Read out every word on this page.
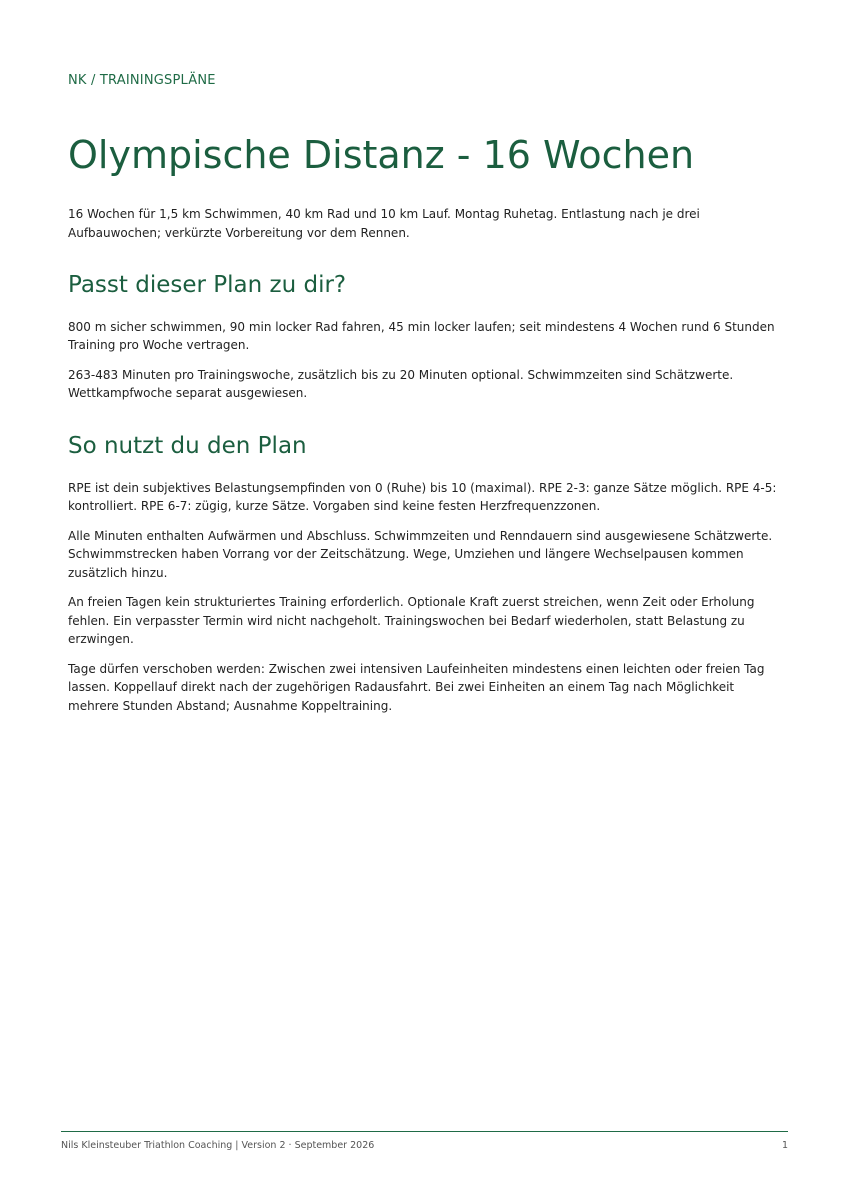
NK / TRAININGSPLÄNE
Olympische Distanz - 16 Wochen

16 Wochen für 1,5 km Schwimmen, 40 km Rad und 10 km Lauf. Montag Ruhetag. Entlastung nach je drei Aufbauwochen; verkürzte Vorbereitung vor dem Rennen.

Passt dieser Plan zu dir?

800 m sicher schwimmen, 90 min locker Rad fahren, 45 min locker laufen; seit mindestens 4 Wochen rund 6 Stunden Training pro Woche vertragen.

263-483 Minuten pro Trainingswoche, zusätzlich bis zu 20 Minuten optional. Schwimmzeiten sind Schätzwerte. Wettkampfwoche separat ausgewiesen.

So nutzt du den Plan

RPE ist dein subjektives Belastungsempfinden von 0 (Ruhe) bis 10 (maximal). RPE 2-3: ganze Sätze möglich. RPE 4-5: kontrolliert. RPE 6-7: zügig, kurze Sätze. Vorgaben sind keine festen Herzfrequenzzonen.

Alle Minuten enthalten Aufwärmen und Abschluss. Schwimmzeiten und Renndauern sind ausgewiesene Schätzwerte. Schwimmstrecken haben Vorrang vor der Zeitschätzung. Wege, Umziehen und längere Wechselpausen kommen zusätzlich hinzu.

An freien Tagen kein strukturiertes Training erforderlich. Optionale Kraft zuerst streichen, wenn Zeit oder Erholung fehlen. Ein verpasster Termin wird nicht nachgeholt. Trainingswochen bei Bedarf wiederholen, statt Belastung zu erzwingen.

Tage dürfen verschoben werden: Zwischen zwei intensiven Laufeinheiten mindestens einen leichten oder freien Tag lassen. Koppellauf direkt nach der zugehörigen Radausfahrt. Bei zwei Einheiten an einem Tag nach Möglichkeit mehrere Stunden Abstand; Ausnahme Koppeltraining.

Nils Kleinsteuber Triathlon Coaching | Version 2 · September 2026	1
